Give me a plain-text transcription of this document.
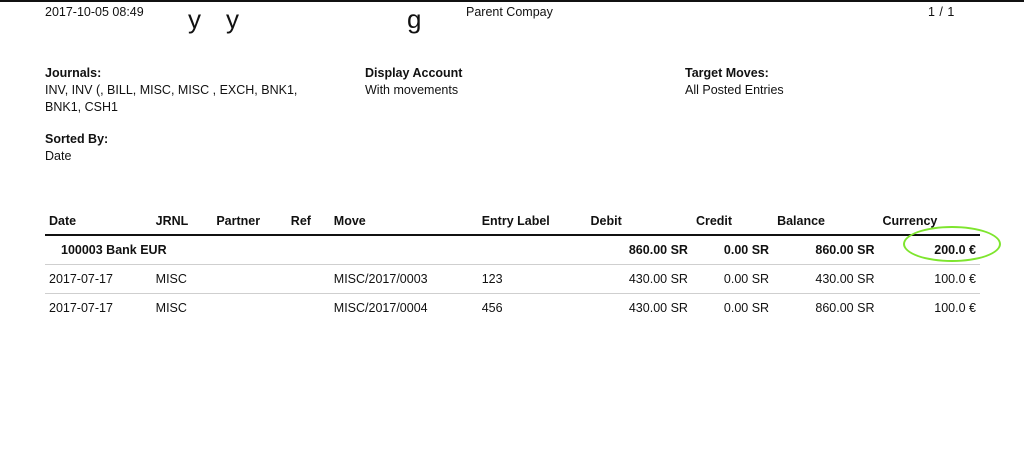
2017-10-05 08:49	Parent Compay	1 / 1
y y	g
Journals:
INV, INV (, BILL, MISC, MISC , EXCH, BNK1,
BNK1, CSH1
Display Account
With movements
Target Moves:
All Posted Entries
Sorted By:
Date
Date	JRNL	Partner	Ref	Move	Entry Label	Debit	Credit	Balance	Currency
100003 Bank EUR						860.00 SR	0.00 SR	860.00 SR	200.0 €
2017-07-17	MISC			MISC/2017/0003	123	430.00 SR	0.00 SR	430.00 SR	100.0 €
2017-07-17	MISC			MISC/2017/0004	456	430.00 SR	0.00 SR	860.00 SR	100.0 €
